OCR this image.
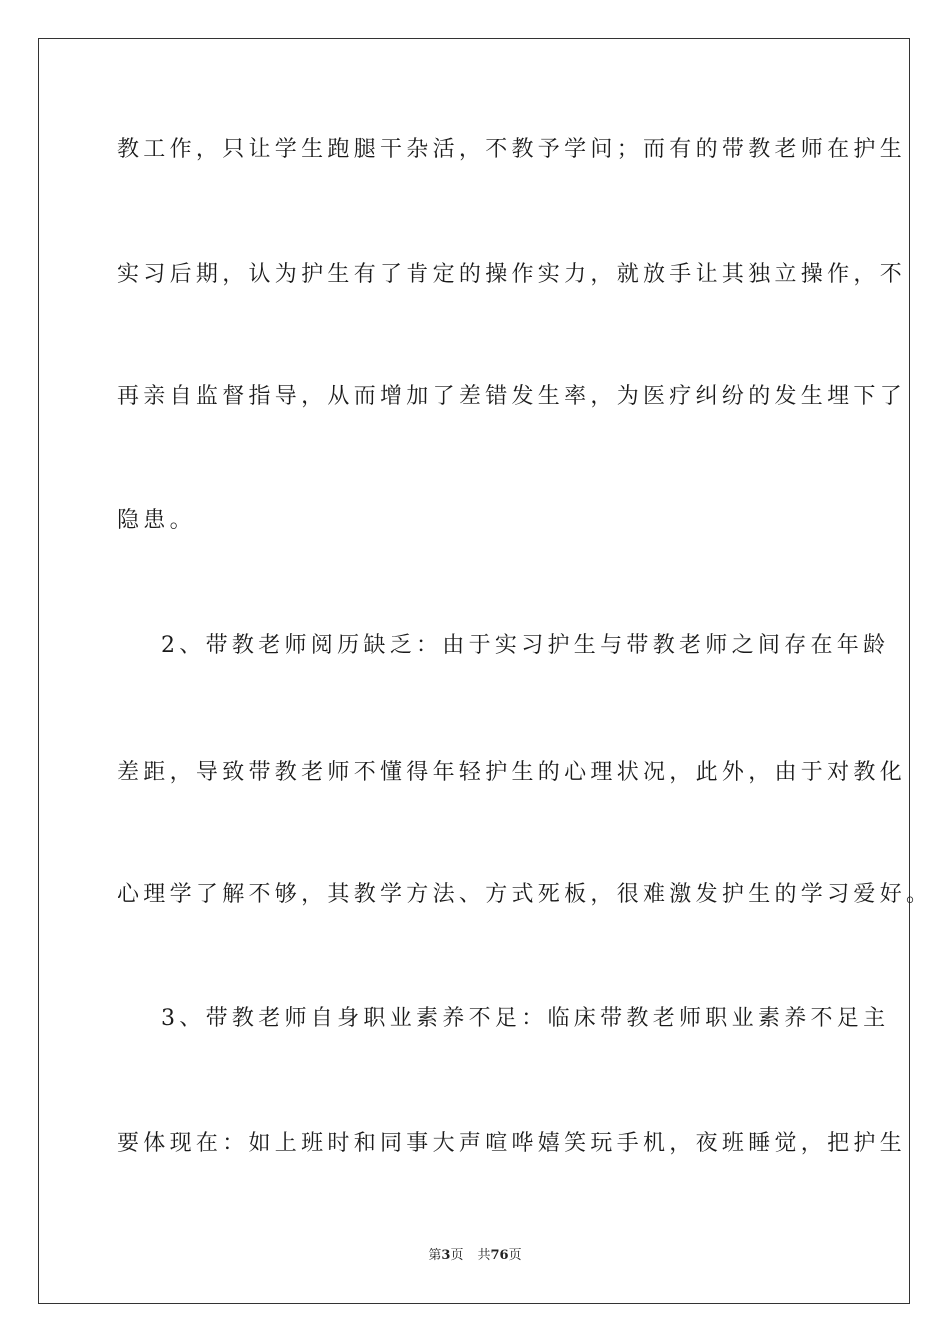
教工作，只让学生跑腿干杂活，不教予学问；而有的带教老师在护生
实习后期，认为护生有了肯定的操作实力，就放手让其独立操作，不
再亲自监督指导，从而增加了差错发生率，为医疗纠纷的发生埋下了
隐患。
2、带教老师阅历缺乏：由于实习护生与带教老师之间存在年龄
差距，导致带教老师不懂得年轻护生的心理状况，此外，由于对教化
心理学了解不够，其教学方法、方式死板，很难激发护生的学习爱好。
3、带教老师自身职业素养不足：临床带教老师职业素养不足主
要体现在：如上班时和同事大声喧哗嬉笑玩手机，夜班睡觉，把护生
第3页 共76页
